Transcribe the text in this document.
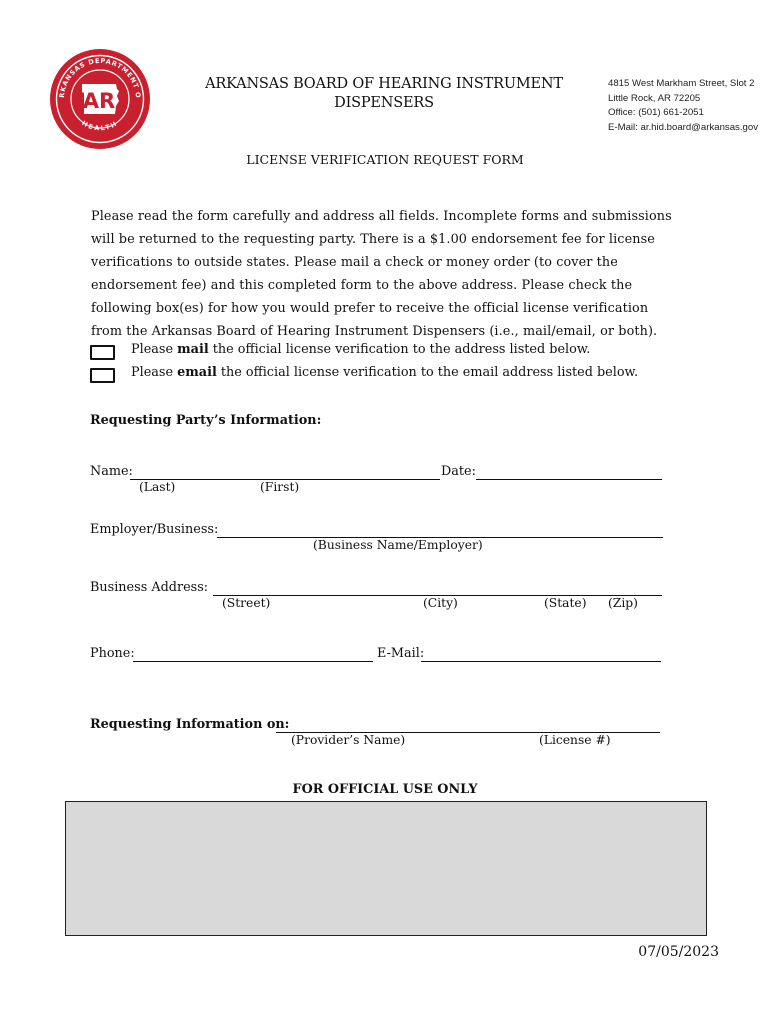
RKANSAS DEPARTMENT O
HEALTH
AR
ARKANSAS BOARD OF HEARING INSTRUMENT
DISPENSERS
4815 West Markham Street, Slot 2
Little Rock, AR 72205
Office: (501) 661-2051
E-Mail: ar.hid.board@arkansas.gov
LICENSE VERIFICATION REQUEST FORM
Please read the form carefully and address all fields. Incomplete forms and submissions
will be returned to the requesting party. There is a $1.00 endorsement fee for license
verifications to outside states. Please mail a check or money order (to cover the
endorsement fee) and this completed form to the above address. Please check the
following box(es) for how you would prefer to receive the official license verification
from the Arkansas Board of Hearing Instrument Dispensers (i.e., mail/email, or both).
Please mail the official license verification to the address listed below.
Please email the official license verification to the email address listed below.
Requesting Party’s Information:
Name:	Date:
(Last)	(First)
Employer/Business:
(Business Name/Employer)
Business Address:
(Street)	(City)	(State) (Zip)
Phone:	E-Mail:
Requesting Information on:
(Provider’s Name)	(License #)
FOR OFFICIAL USE ONLY
07/05/2023
